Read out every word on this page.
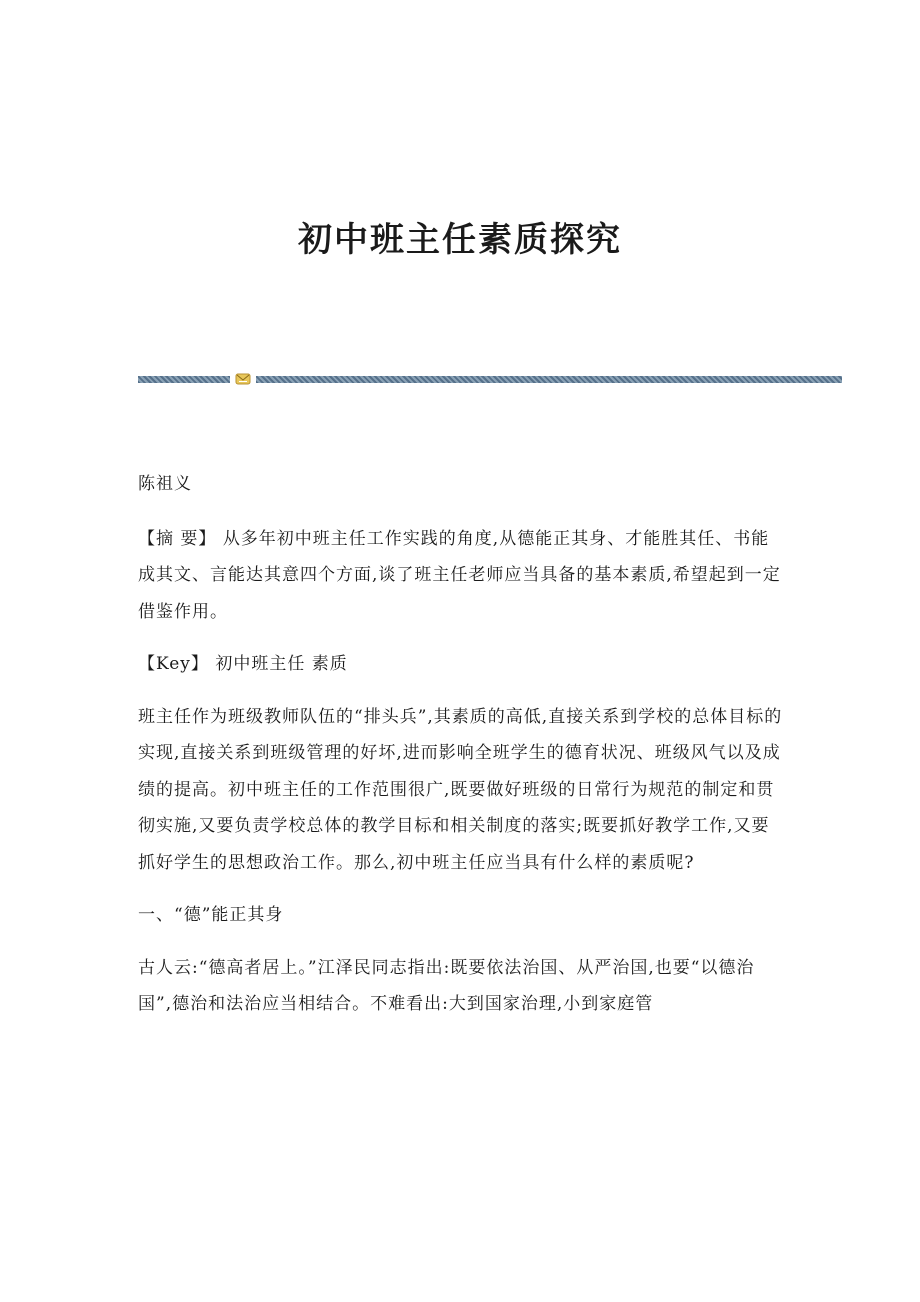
初中班主任素质探究

陈祖义

【摘 要】 从多年初中班主任工作实践的角度,从德能正其身、才能胜其任、书能成其文、言能达其意四个方面,谈了班主任老师应当具备的基本素质,希望起到一定借鉴作用。

【Key】 初中班主任 素质

班主任作为班级教师队伍的“排头兵”,其素质的高低,直接关系到学校的总体目标的实现,直接关系到班级管理的好坏,进而影响全班学生的德育状况、班级风气以及成绩的提高。初中班主任的工作范围很广,既要做好班级的日常行为规范的制定和贯彻实施,又要负责学校总体的教学目标和相关制度的落实;既要抓好教学工作,又要抓好学生的思想政治工作。那么,初中班主任应当具有什么样的素质呢?

一、“德”能正其身

古人云:“德高者居上。”江泽民同志指出:既要依法治国、从严治国,也要“以德治国”,德治和法治应当相结合。不难看出:大到国家治理,小到家庭管
